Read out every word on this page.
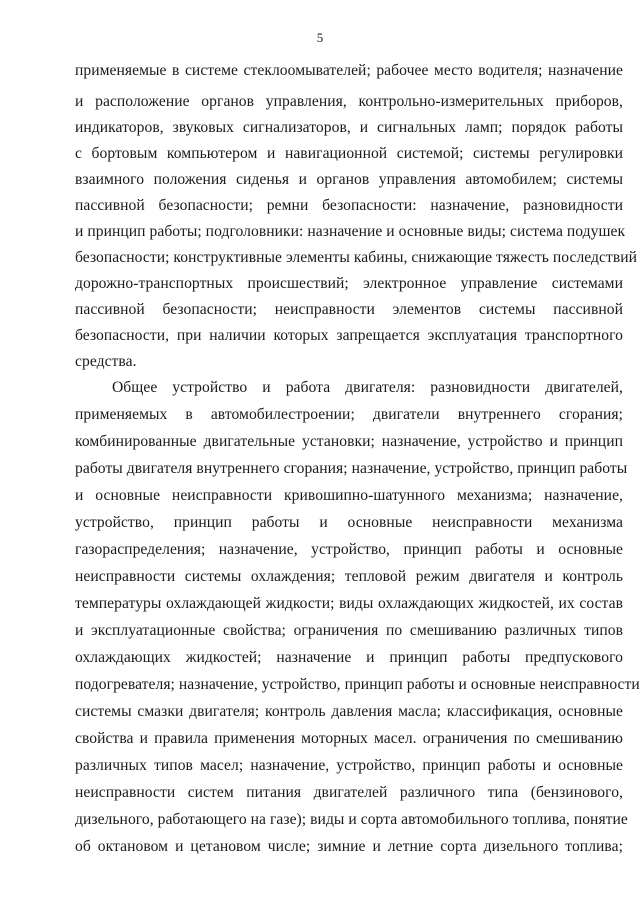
5
применяемые в системе стеклоомывателей; рабочее место водителя; назначение
и расположение органов управления, контрольно-измерительных приборов,
индикаторов, звуковых сигнализаторов, и сигнальных ламп; порядок работы
с бортовым компьютером и навигационной системой; системы регулировки
взаимного положения сиденья и органов управления автомобилем; системы
пассивной безопасности; ремни безопасности: назначение, разновидности
и принцип работы; подголовники: назначение и основные виды; система подушек
безопасности; конструктивные элементы кабины, снижающие тяжесть последствий
дорожно-транспортных происшествий; электронное управление системами
пассивной безопасности; неисправности элементов системы пассивной
безопасности, при наличии которых запрещается эксплуатация транспортного
средства.
Общее устройство и работа двигателя: разновидности двигателей,
применяемых в автомобилестроении; двигатели внутреннего сгорания;
комбинированные двигательные установки; назначение, устройство и принцип
работы двигателя внутреннего сгорания; назначение, устройство, принцип работы
и основные неисправности кривошипно-шатунного механизма; назначение,
устройство, принцип работы и основные неисправности механизма
газораспределения; назначение, устройство, принцип работы и основные
неисправности системы охлаждения; тепловой режим двигателя и контроль
температуры охлаждающей жидкости; виды охлаждающих жидкостей, их состав
и эксплуатационные свойства; ограничения по смешиванию различных типов
охлаждающих жидкостей; назначение и принцип работы предпускового
подогревателя; назначение, устройство, принцип работы и основные неисправности
системы смазки двигателя; контроль давления масла; классификация, основные
свойства и правила применения моторных масел. ограничения по смешиванию
различных типов масел; назначение, устройство, принцип работы и основные
неисправности систем питания двигателей различного типа (бензинового,
дизельного, работающего на газе); виды и сорта автомобильного топлива, понятие
об октановом и цетановом числе; зимние и летние сорта дизельного топлива;
